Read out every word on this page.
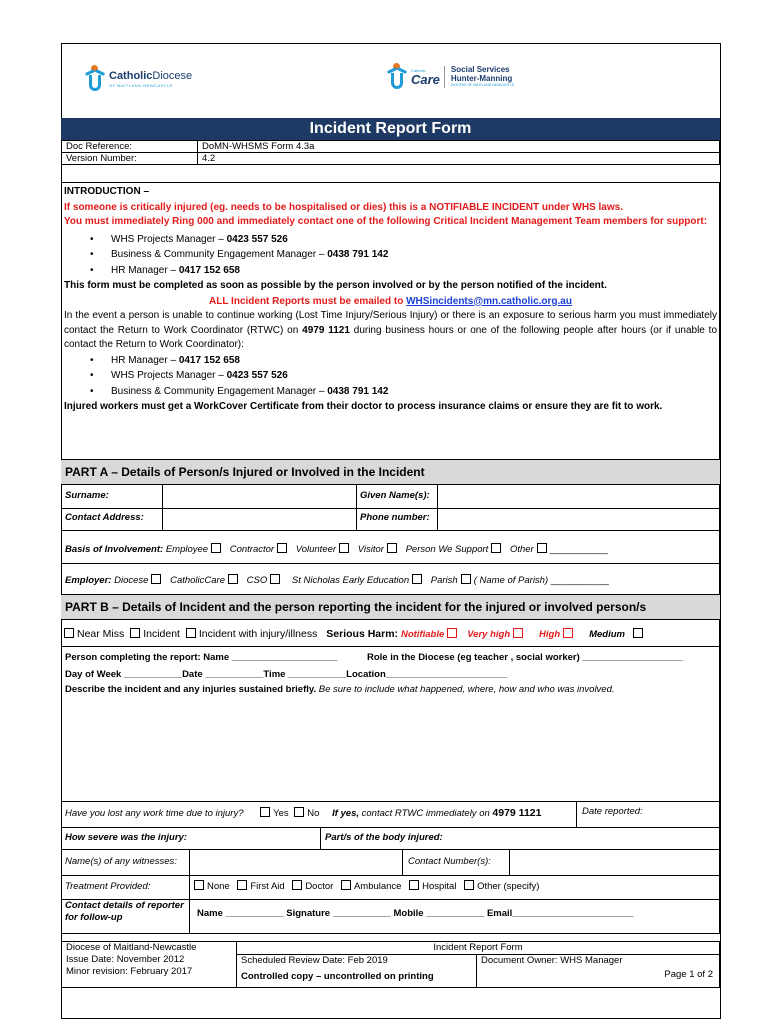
CatholicDiocese
OF MAITLAND-NEWCASTLE
Catholic
Care
Social Services
Hunter-Manning
DIOCESE OF MAITLAND-NEWCASTLE
Incident Report Form
Doc Reference:	DoMN-WHSMS Form 4.3a
Version Number:	4.2
INTRODUCTION –
If someone is critically injured (eg. needs to be hospitalised or dies) this is a NOTIFIABLE INCIDENT under WHS laws.
You must immediately Ring 000 and immediately contact one of the following Critical Incident Management Team members for support:
• WHS Projects Manager – 0423 557 526
• Business & Community Engagement Manager – 0438 791 142
• HR Manager – 0417 152 658
This form must be completed as soon as possible by the person involved or by the person notified of the incident.
ALL Incident Reports must be emailed to WHSincidents@mn.catholic.org.au
In the event a person is unable to continue working (Lost Time Injury/Serious Injury) or there is an exposure to serious harm you must immediately contact the Return to Work Coordinator (RTWC) on 4979 1121 during business hours or one of the following people after hours (or if unable to contact the Return to Work Coordinator):
• HR Manager – 0417 152 658
• WHS Projects Manager – 0423 557 526
• Business & Community Engagement Manager – 0438 791 142
Injured workers must get a WorkCover Certificate from their doctor to process insurance claims or ensure they are fit to work.
PART A – Details of Person/s Injured or Involved in the Incident
Surname:	Given Name(s):
Contact Address:	Phone number:
Basis of Involvement: Employee Contractor Volunteer Visitor Person We Support Other ___________
Employer: Diocese CatholicCare CSO	St Nicholas Early Education Parish ( Name of Parish) ___________
PART B – Details of Incident and the person reporting the incident for the injured or involved person/s
Near Miss Incident Incident with injury/illness Serious Harm: Notifiable Very high	High	Medium
Person completing the report: Name ____________________	Role in the Diocese (eg teacher , social worker) ___________________
Day of Week ___________Date ___________Time ___________Location_______________________
Describe the incident and any injuries sustained briefly. Be sure to include what happened, where, how and who was involved.
Have you lost any work time due to injury?	Yes No If yes, contact RTWC immediately on 4979 1121	Date reported:
How severe was the injury:	Part/s of the body injured:
Name(s) of any witnesses:	Contact Number(s):
Treatment Provided:	None First Aid Doctor Ambulance Hospital Other (specify)
Contact details of reporter for follow-up	Name ___________ Signature ___________ Mobile ___________ Email_______________________
Diocese of Maitland-Newcastle
Issue Date: November 2012
Minor revision: February 2017

Incident Report Form
Scheduled Review Date: Feb 2019
Controlled copy – uncontrolled on printing
Document Owner: WHS Manager
Page 1 of 2
